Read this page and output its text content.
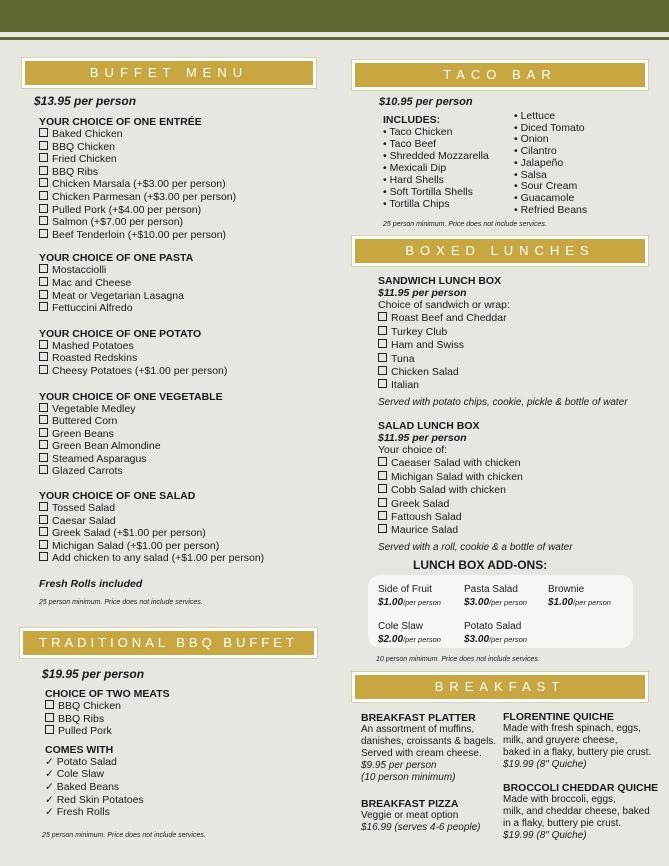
BUFFET MENU
$13.95 per person
YOUR CHOICE OF ONE ENTRÉE
Baked Chicken
BBQ Chicken
Fried Chicken
BBQ Ribs
Chicken Marsala (+$3.00 per person)
Chicken Parmesan (+$3.00 per person)
Pulled Pork (+$4.00 per person)
Salmon (+$7.00 per person)
Beef Tenderloin (+$10.00 per person)
YOUR CHOICE OF ONE PASTA
Mostacciolli
Mac and Cheese
Meat or Vegetarian Lasagna
Fettuccini Alfredo
YOUR CHOICE OF ONE POTATO
Mashed Potatoes
Roasted Redskins
Cheesy Potatoes (+$1.00 per person)
YOUR CHOICE OF ONE VEGETABLE
Vegetable Medley
Buttered Corn
Green Beans
Green Bean Almondine
Steamed Asparagus
Glazed Carrots
YOUR CHOICE OF ONE SALAD
Tossed Salad
Caesar Salad
Greek Salad (+$1.00 per person)
Michigan Salad (+$1.00 per person)
Add chicken to any salad (+$1.00 per person)
Fresh Rolls included
25 person minimum. Price does not include services.
TRADITIONAL BBQ BUFFET
$19.95 per person
CHOICE OF TWO MEATS
BBQ Chicken
BBQ Ribs
Pulled Pork
COMES WITH
✓ Potato Salad
✓ Cole Slaw
✓ Baked Beans
✓ Red Skin Potatoes
✓ Fresh Rolls
25 person minimum. Price does not include services.
TACO BAR
$10.95 per person
INCLUDES:
• Taco Chicken
• Taco Beef
• Shredded Mozzarella
• Mexicali Dip
• Hard Shells
• Soft Tortilla Shells
• Tortilla Chips
• Lettuce
• Diced Tomato
• Onion
• Cilantro
• Jalapeño
• Salsa
• Sour Cream
• Guacamole
• Refried Beans
25 person minimum. Price does not include services.
BOXED LUNCHES
SANDWICH LUNCH BOX
$11.95 per person
Choice of sandwich or wrap:
Roast Beef and Cheddar
Turkey Club
Ham and Swiss
Tuna
Chicken Salad
Italian
Served with potato chips, cookie, pickle & bottle of water
SALAD LUNCH BOX
$11.95 per person
Your choice of:
Caeaser Salad with chicken
Michigan Salad with chicken
Cobb Salad with chicken
Greek Salad
Fattoush Salad
Maurice Salad
Served with a roll, cookie & a bottle of water
LUNCH BOX ADD-ONS:
Side of Fruit
$1.00/per person
Pasta Salad
$3.00/per person
Brownie
$1.00/per person
Cole Slaw
$2.00/per person
Potato Salad
$3.00/per person
10 person minimum. Price does not include services.
BREAKFAST
BREAKFAST PLATTER
An assortment of muffins,
danishes, croissants & bagels.
Served with cream cheese.
$9.95 per person
(10 person minimum)
BREAKFAST PIZZA
Veggie or meat option
$16.99 (serves 4-6 people)
FLORENTINE QUICHE
Made with fresh spinach, eggs,
milk, and gruyere cheese,
baked in a flaky, buttery pie crust.
$19.99 (8" Quiche)
BROCCOLI CHEDDAR QUICHE
Made with broccoli, eggs,
milk, and cheddar cheese, baked
in a flaky, buttery pie crust.
$19.99 (8" Quiche)
